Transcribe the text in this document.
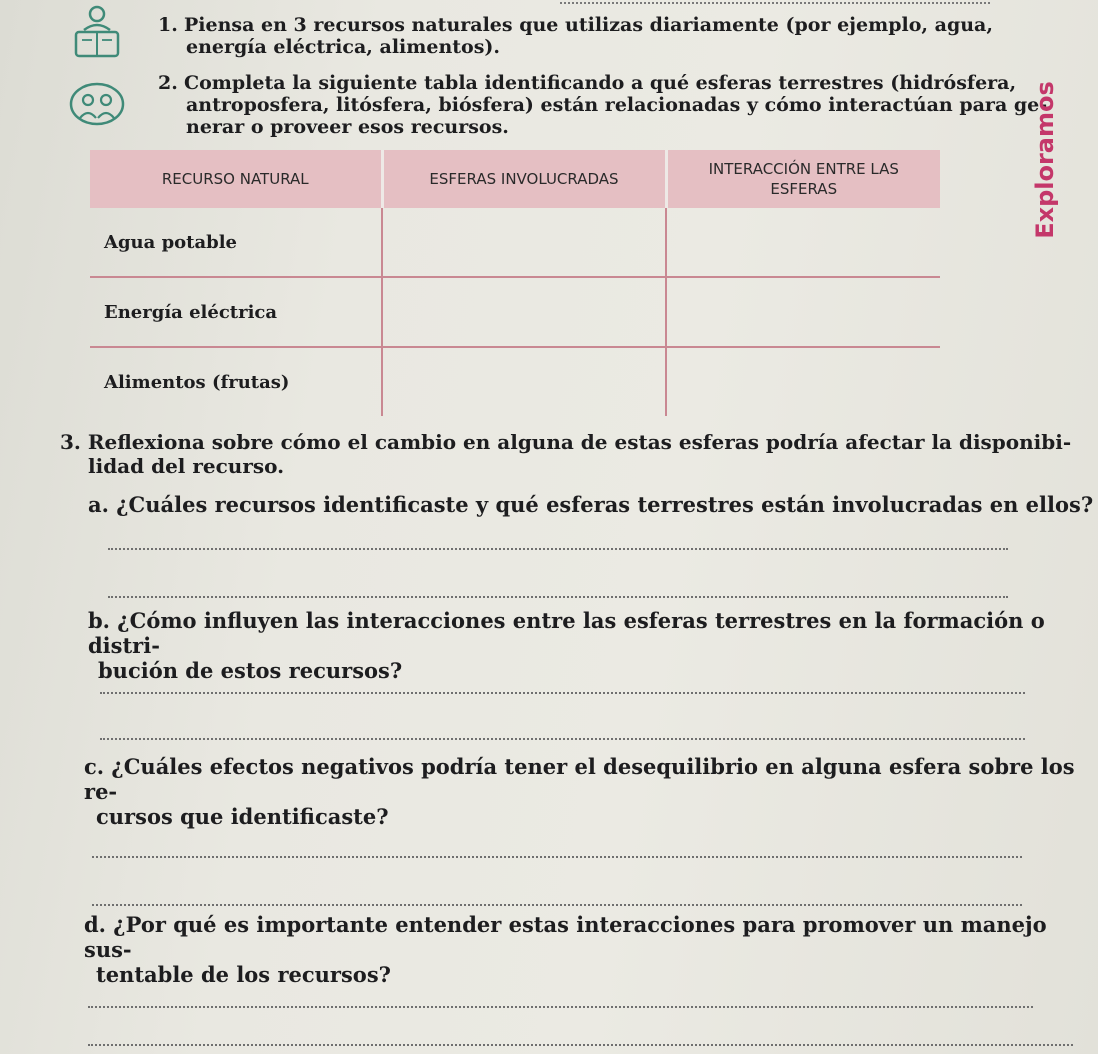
1. Piensa en 3 recursos naturales que utilizas diariamente (por ejemplo, agua,
energía eléctrica, alimentos).
2. Completa la siguiente tabla identificando a qué esferas terrestres (hidrósfera,
antroposfera, litósfera, biósfera) están relacionadas y cómo interactúan para ge-
nerar o proveer esos recursos.	Exploramos
RECURSO NATURAL	ESFERAS INVOLUCRADAS	INTERACCIÓN ENTRE LAS ESFERAS
Agua potable		
Energía eléctrica		
Alimentos (frutas)		
3. Reflexiona sobre cómo el cambio en alguna de estas esferas podría afectar la disponibi-
lidad del recurso.
a. ¿Cuáles recursos identificaste y qué esferas terrestres están involucradas en ellos?
b. ¿Cómo influyen las interacciones entre las esferas terrestres en la formación o distri-
bución de estos recursos?
c. ¿Cuáles efectos negativos podría tener el desequilibrio en alguna esfera sobre los re-
cursos que identificaste?
d. ¿Por qué es importante entender estas interacciones para promover un manejo sus-
tentable de los recursos?
